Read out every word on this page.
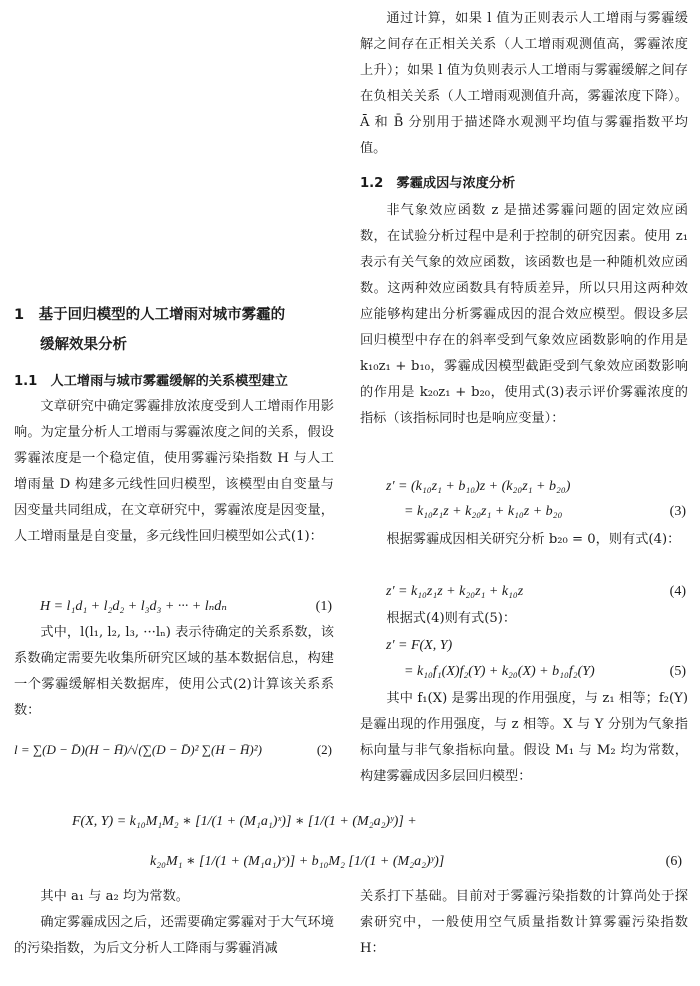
1　基于回归模型的人工增雨对城市雾霾的
缓解效果分析
1.1　人工增雨与城市雾霾缓解的关系模型建立

文章研究中确定雾霾排放浓度受到人工增雨作用影响。为定量分析人工增雨与雾霾浓度之间的关系，假设雾霾浓度是一个稳定值，使用雾霾污染指数 H 与人工增雨量 D 构建多元线性回归模型，该模型由自变量与因变量共同组成，在文章研究中，雾霾浓度是因变量，人工增雨量是自变量，多元线性回归模型如公式(1)：

H = l₁d₁ + l₂d₂ + l₃d₃ + ··· + lₙdₙ	(1)

式中，l(l₁, l₂, l₃, ···lₙ) 表示待确定的关系系数，该系数确定需要先收集所研究区域的基本数据信息，构建一个雾霾缓解相关数据库，使用公式(2)计算该关系系数：

l = ∑(D − D̄)(H − H̄)/√(∑(D − D̄)² ∑(H − H̄)²)	(2)

通过计算，如果 l 值为正则表示人工增雨与雾霾缓解之间存在正相关关系（人工增雨观测值高，雾霾浓度上升）；如果 l 值为负则表示人工增雨与雾霾缓解之间存在负相关关系（人工增雨观测值升高，雾霾浓度下降）。Ā 和 B̄ 分别用于描述降水观测平均值与雾霾指数平均值。

1.2　雾霾成因与浓度分析

非气象效应函数 z 是描述雾霾问题的固定效应函数，在试验分析过程中是利于控制的研究因素。使用 z₁ 表示有关气象的效应函数，该函数也是一种随机效应函数。这两种效应函数具有特质差异，所以只用这两种效应能够构建出分析雾霾成因的混合效应模型。假设多层回归模型中存在的斜率受到气象效应函数影响的作用是 k₁₀z₁ + b₁₀，雾霾成因模型截距受到气象效应函数影响的作用是 k₂₀z₁ + b₂₀，使用式(3)表示评价雾霾浓度的指标（该指标同时也是响应变量）：

z′ = (k₁₀z₁ + b₁₀)z + (k₂₀z₁ + b₂₀)
= k₁₀z₁z + k₂₀z₁ + k₁₀z + b₂₀	(3)

根据雾霾成因相关研究分析 b₂₀ = 0，则有式(4)：

z′ = k₁₀z₁z + k₂₀z₁ + k₁₀z	(4)

根据式(4)则有式(5)：

z′ = F(X, Y)
= k₁₀f₁(X)f₂(Y) + k₂₀(X) + b₁₀f₂(Y)	(5)

其中 f₁(X) 是雾出现的作用强度，与 z₁ 相等；f₂(Y) 是霾出现的作用强度，与 z 相等。X 与 Y 分别为气象指标向量与非气象指标向量。假设 M₁ 与 M₂ 均为常数，构建雾霾成因多层回归模型：

F(X, Y) = k₁₀M₁M₂ ∗ [1/(1 + (M₁a₁)ˣ)] ∗ [1/(1 + (M₂a₂)ʸ)] +
k₂₀M₁ ∗ [1/(1 + (M₁a₁)ˣ)] + b₁₀M₂ [1/(1 + (M₂a₂)ʸ)]	(6)

其中 a₁ 与 a₂ 均为常数。

确定雾霾成因之后，还需要确定雾霾对于大气环境的污染指数，为后文分析人工降雨与雾霾消减

关系打下基础。目前对于雾霾污染指数的计算尚处于探索研究中，一般使用空气质量指数计算雾霾污染指数 H：
